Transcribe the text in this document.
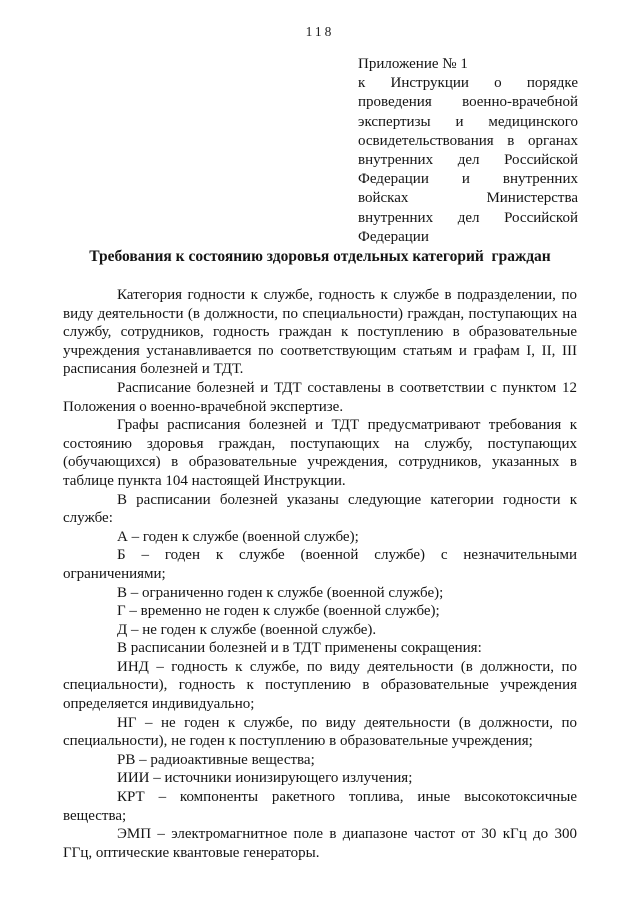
118
Приложение № 1
к Инструкции о порядке
проведения военно-врачебной
экспертизы и медицинского
освидетельствования в органах
внутренних дел Российской
Федерации и внутренних
войсках Министерства
внутренних дел Российской
Федерации
Требования к состоянию здоровья отдельных категорий  граждан

Категория годности к службе, годность к службе в подразделении, по виду деятельности (в должности, по специальности) граждан, поступающих на службу, сотрудников, годность граждан к поступлению в образовательные учреждения устанавливается по соответствующим статьям и графам I, II, III расписания болезней и ТДТ.

Расписание болезней и ТДТ составлены в соответствии с пунктом 12 Положения о военно-врачебной экспертизе.

Графы расписания болезней и ТДТ предусматривают требования к состоянию здоровья граждан, поступающих на службу, поступающих (обучающихся) в образовательные учреждения, сотрудников, указанных в таблице пункта 104 настоящей Инструкции.

В расписании болезней указаны следующие категории годности к службе:

А – годен к службе (военной службе);

Б – годен к службе (военной службе) с незначительными ограничениями;

В – ограниченно годен к службе (военной службе);

Г – временно не годен к службе (военной службе);

Д – не годен к службе (военной службе).

В расписании болезней и в ТДТ применены сокращения:

ИНД – годность к службе, по виду деятельности (в должности, по специальности), годность к поступлению в образовательные учреждения определяется индивидуально;

НГ – не годен к службе, по виду деятельности (в должности, по специальности), не годен к поступлению в образовательные учреждения;

РВ – радиоактивные вещества;

ИИИ – источники ионизирующего излучения;

КРТ – компоненты ракетного топлива, иные высокотоксичные вещества;

ЭМП – электромагнитное поле в диапазоне частот от 30 кГц до 300 ГГц, оптические квантовые генераторы.
